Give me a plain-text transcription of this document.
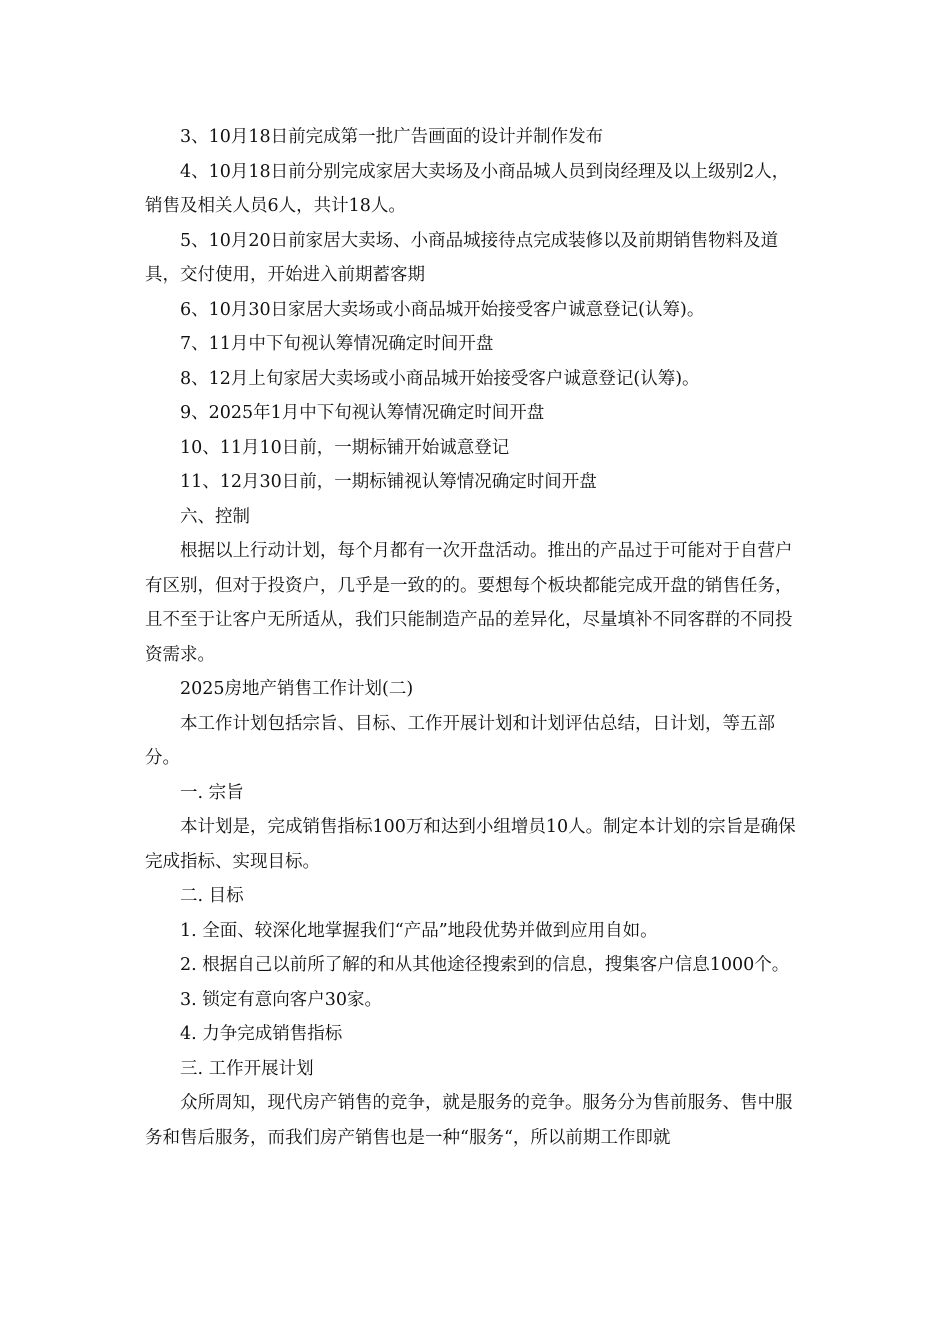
3、10月18日前完成第一批广告画面的设计并制作发布

4、10月18日前分别完成家居大卖场及小商品城人员到岗经理及以上级别2人，销售及相关人员6人，共计18人。

5、10月20日前家居大卖场、小商品城接待点完成装修以及前期销售物料及道具，交付使用，开始进入前期蓄客期

6、10月30日家居大卖场或小商品城开始接受客户诚意登记(认筹)。

7、11月中下旬视认筹情况确定时间开盘

8、12月上旬家居大卖场或小商品城开始接受客户诚意登记(认筹)。

9、2025年1月中下旬视认筹情况确定时间开盘

10、11月10日前，一期标铺开始诚意登记

11、12月30日前，一期标铺视认筹情况确定时间开盘

六、控制

根据以上行动计划，每个月都有一次开盘活动。推出的产品过于可能对于自营户有区别，但对于投资户，几乎是一致的的。要想每个板块都能完成开盘的销售任务，且不至于让客户无所适从，我们只能制造产品的差异化，尽量填补不同客群的不同投资需求。

2025房地产销售工作计划(二)

本工作计划包括宗旨、目标、工作开展计划和计划评估总结，日计划，等五部分。

一. 宗旨

本计划是，完成销售指标100万和达到小组增员10人。制定本计划的宗旨是确保完成指标、实现目标。

二. 目标

1. 全面、较深化地掌握我们“产品”地段优势并做到应用自如。

2. 根据自己以前所了解的和从其他途径搜索到的信息，搜集客户信息1000个。

3. 锁定有意向客户30家。

4. 力争完成销售指标

三. 工作开展计划

众所周知，现代房产销售的竞争，就是服务的竞争。服务分为售前服务、售中服务和售后服务，而我们房产销售也是一种“服务“，所以前期工作即就
